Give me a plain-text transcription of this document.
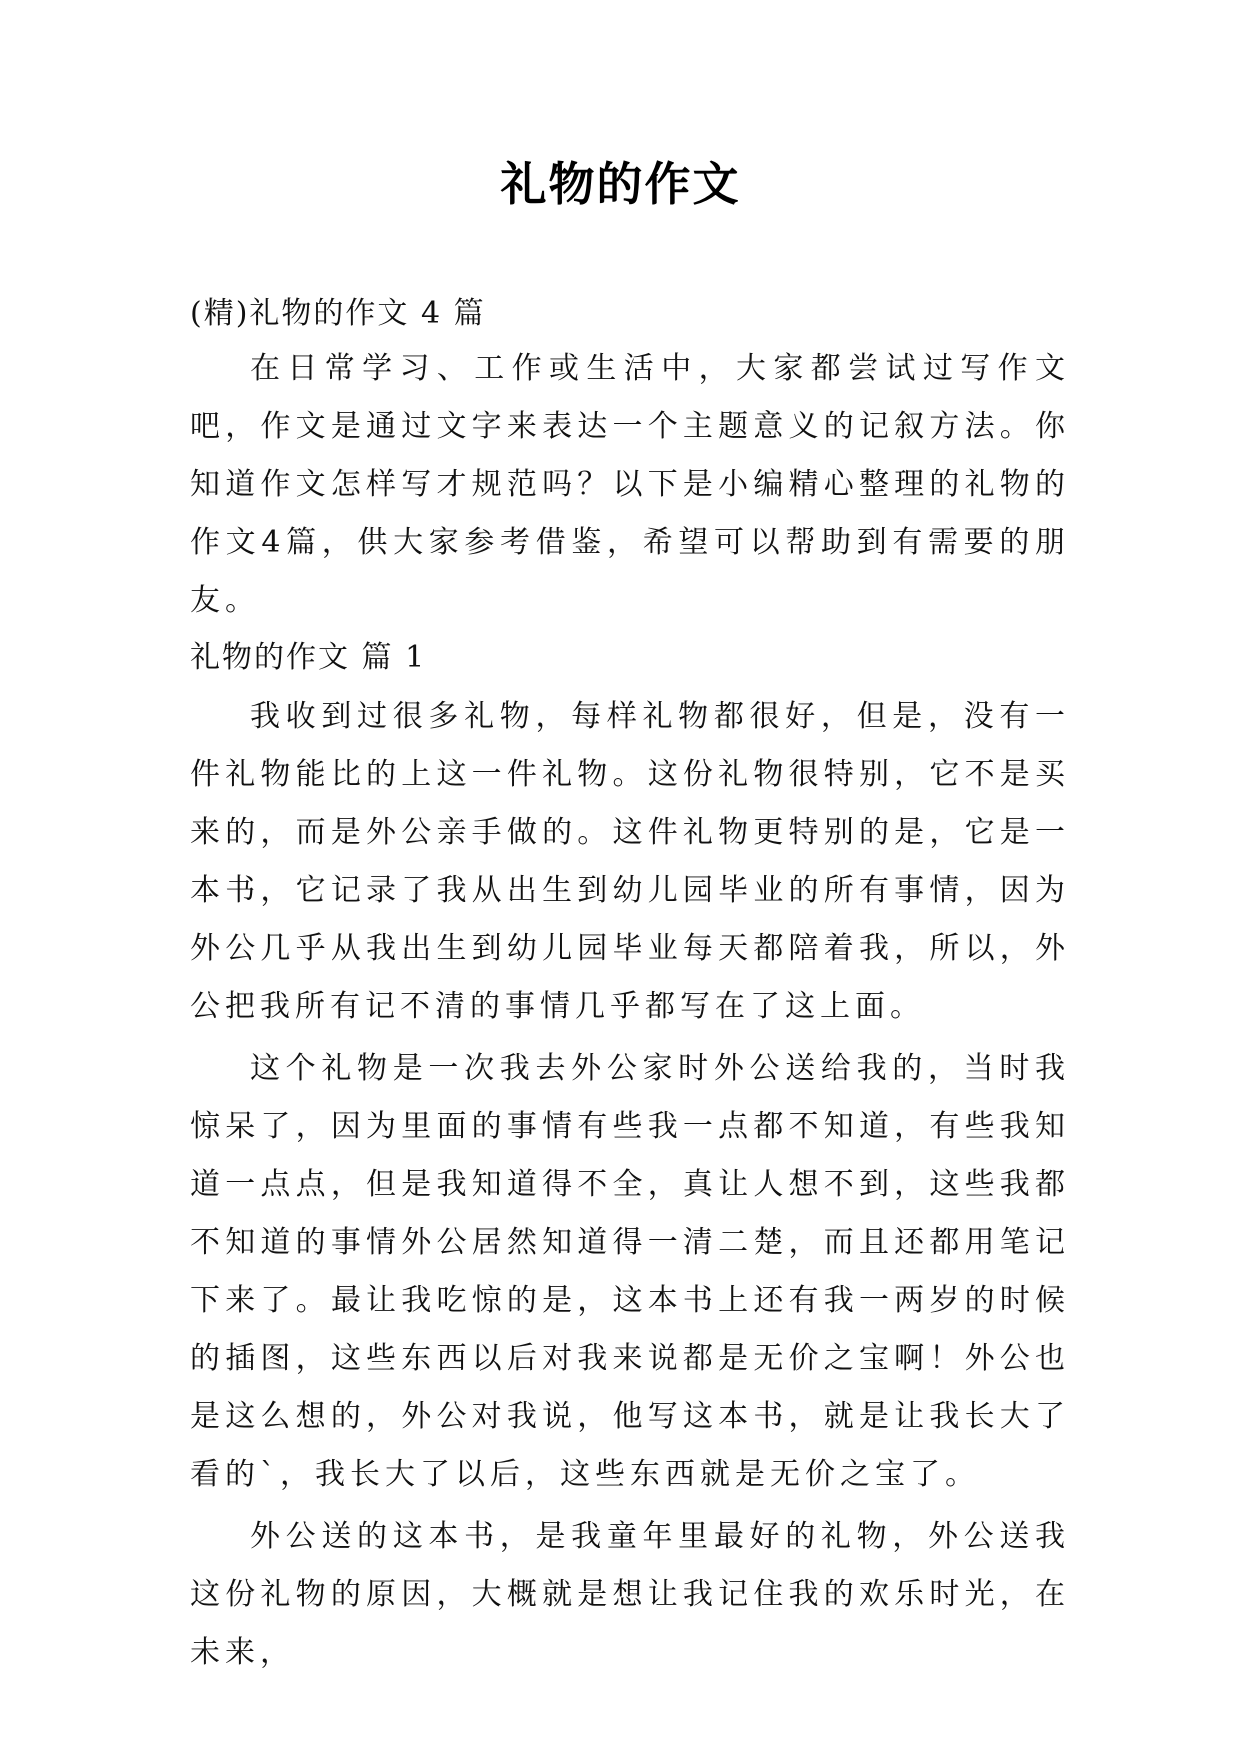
礼物的作文
(精)礼物的作文 4 篇

在日常学习、工作或生活中，大家都尝试过写作文吧，作文是通过文字来表达一个主题意义的记叙方法。你知道作文怎样写才规范吗？以下是小编精心整理的礼物的作文4篇，供大家参考借鉴，希望可以帮助到有需要的朋友。

礼物的作文 篇 1

我收到过很多礼物，每样礼物都很好，但是，没有一件礼物能比的上这一件礼物。这份礼物很特别，它不是买来的，而是外公亲手做的。这件礼物更特别的是，它是一本书，它记录了我从出生到幼儿园毕业的所有事情，因为外公几乎从我出生到幼儿园毕业每天都陪着我，所以，外公把我所有记不清的事情几乎都写在了这上面。

这个礼物是一次我去外公家时外公送给我的，当时我惊呆了，因为里面的事情有些我一点都不知道，有些我知道一点点，但是我知道得不全，真让人想不到，这些我都不知道的事情外公居然知道得一清二楚，而且还都用笔记下来了。最让我吃惊的是，这本书上还有我一两岁的时候的插图，这些东西以后对我来说都是无价之宝啊！外公也是这么想的，外公对我说，他写这本书，就是让我长大了看的`，我长大了以后，这些东西就是无价之宝了。

外公送的这本书，是我童年里最好的礼物，外公送我这份礼物的原因，大概就是想让我记住我的欢乐时光，在未来，
